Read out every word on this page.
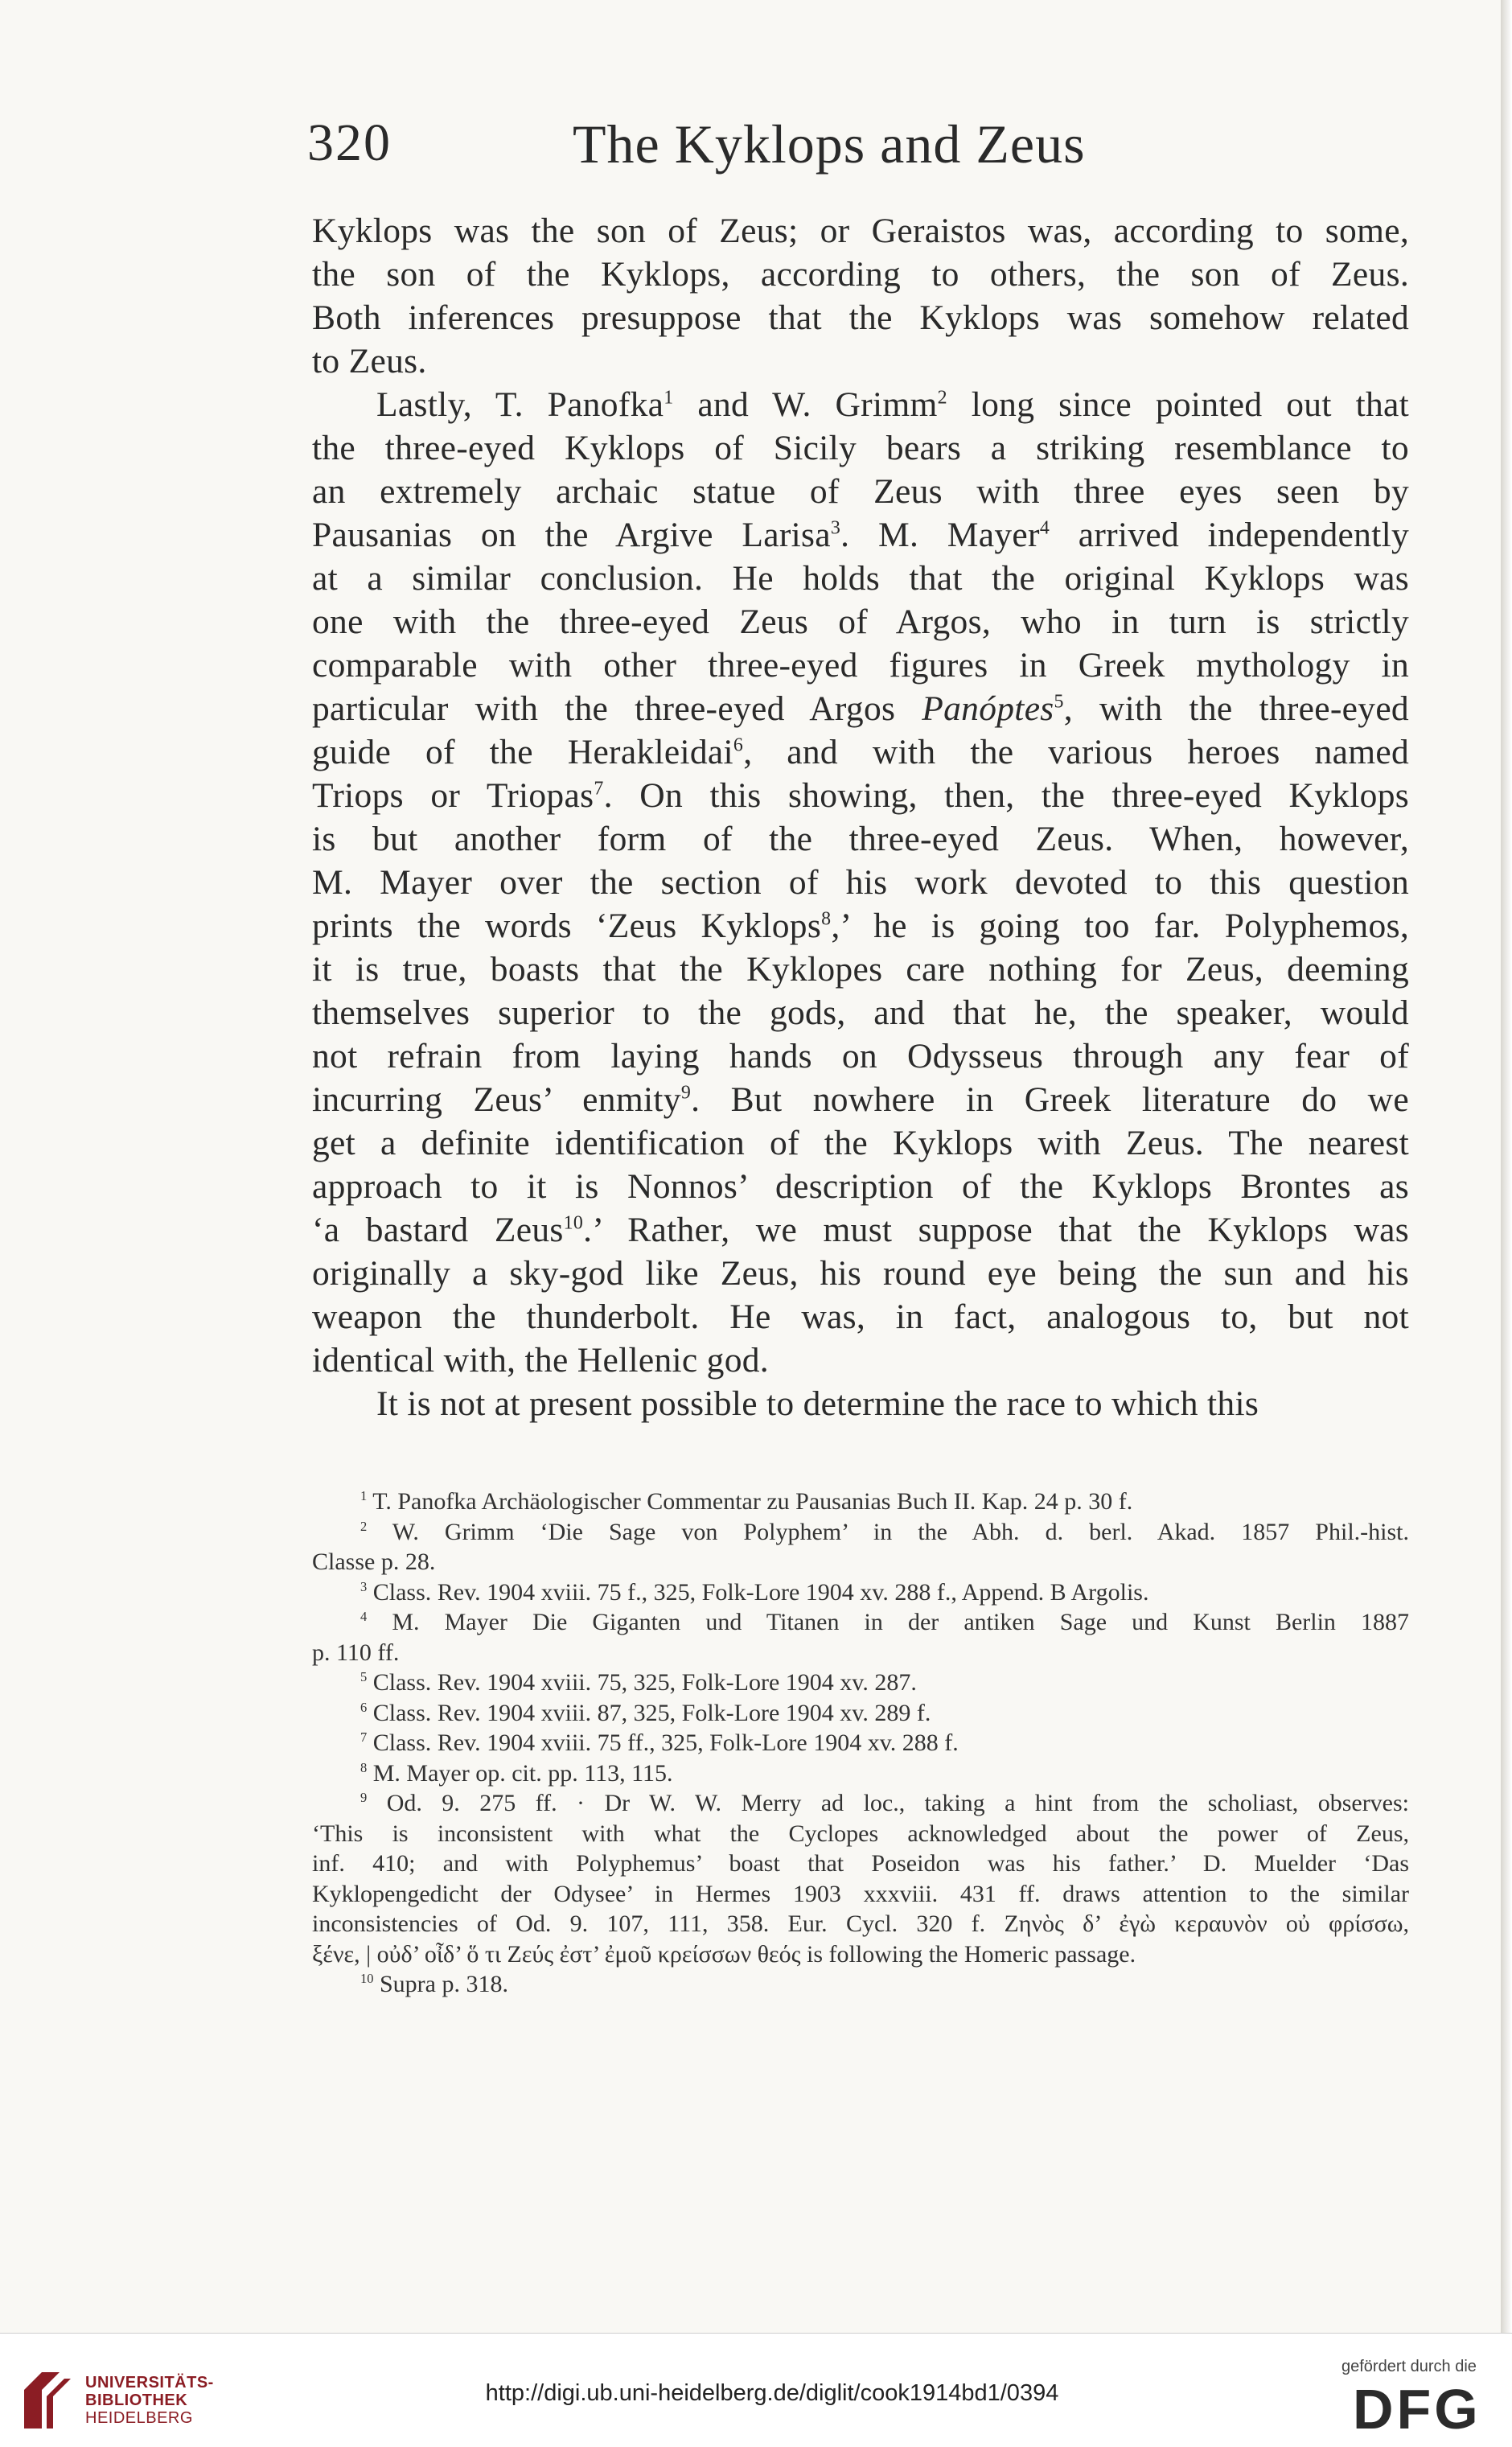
320	The Kyklops and Zeus

Kyklops was the son of Zeus; or Geraistos was, according to some,
the son of the Kyklops, according to others, the son of Zeus.
Both inferences presuppose that the Kyklops was somehow related
to Zeus.

Lastly, T. Panofka$^1$ and W. Grimm$^2$ long since pointed out that
the three-eyed Kyklops of Sicily bears a striking resemblance to
an extremely archaic statue of Zeus with three eyes seen by
Pausanias on the Argive Larisa$^3$. M. Mayer$^4$ arrived independently
at a similar conclusion. He holds that the original Kyklops was
one with the three-eyed Zeus of Argos, who in turn is strictly
comparable with other three-eyed figures in Greek mythology in
particular with the three-eyed Argos Panóptes$^5$, with the three-eyed
guide of the Herakleidai$^6$, and with the various heroes named
Triops or Triopas$^7$. On this showing, then, the three-eyed Kyklops
is but another form of the three-eyed Zeus. When, however,
M. Mayer over the section of his work devoted to this question
prints the words ‘Zeus Kyklops$^8$,’ he is going too far. Polyphemos,
it is true, boasts that the Kyklopes care nothing for Zeus, deeming
themselves superior to the gods, and that he, the speaker, would
not refrain from laying hands on Odysseus through any fear of
incurring Zeus’ enmity$^9$. But nowhere in Greek literature do we
get a definite identification of the Kyklops with Zeus. The nearest
approach to it is Nonnos’ description of the Kyklops Brontes as
‘a bastard Zeus$^{10}$.’ Rather, we must suppose that the Kyklops was
originally a sky-god like Zeus, his round eye being the sun and his
weapon the thunderbolt. He was, in fact, analogous to, but not
identical with, the Hellenic god.

It is not at present possible to determine the race to which this

$^1$ T. Panofka Archäologischer Commentar zu Pausanias Buch II. Kap. 24 p. 30 f.

$^2$ W. Grimm ‘Die Sage von Polyphem’ in the Abh. d. berl. Akad. 1857 Phil.-hist.
Classe p. 28.

$^3$ Class. Rev. 1904 xviii. 75 f., 325, Folk-Lore 1904 xv. 288 f., Append. B Argolis.

$^4$ M. Mayer Die Giganten und Titanen in der antiken Sage und Kunst Berlin 1887
p. 110 ff.

$^5$ Class. Rev. 1904 xviii. 75, 325, Folk-Lore 1904 xv. 287.

$^6$ Class. Rev. 1904 xviii. 87, 325, Folk-Lore 1904 xv. 289 f.

$^7$ Class. Rev. 1904 xviii. 75 ff., 325, Folk-Lore 1904 xv. 288 f.

$^8$ M. Mayer op. cit. pp. 113, 115.

$^9$ Od. 9. 275 ff. · Dr W. W. Merry ad loc., taking a hint from the scholiast, observes:
‘This is inconsistent with what the Cyclopes acknowledged about the power of Zeus,
inf. 410; and with Polyphemus’ boast that Poseidon was his father.’ D. Muelder ‘Das
Kyklopengedicht der Odysee’ in Hermes 1903 xxxviii. 431 ff. draws attention to the similar
inconsistencies of Od. 9. 107, 111, 358. Eur. Cycl. 320 f. Ζηνὸς δ’ ἐγὼ κεραυνὸν οὐ φρίσσω,
ξένε, | οὐδ’ οἶδ’ ὅ τι Ζεύς ἐστ’ ἐμοῦ κρείσσων θεός is following the Homeric passage.

$^{10}$ Supra p. 318.

UNIVERSITÄTS-
BIBLIOTHEK
HEIDELBERG
http://digi.ub.uni-heidelberg.de/diglit/cook1914bd1/0394
gefördert durch die
DFG
